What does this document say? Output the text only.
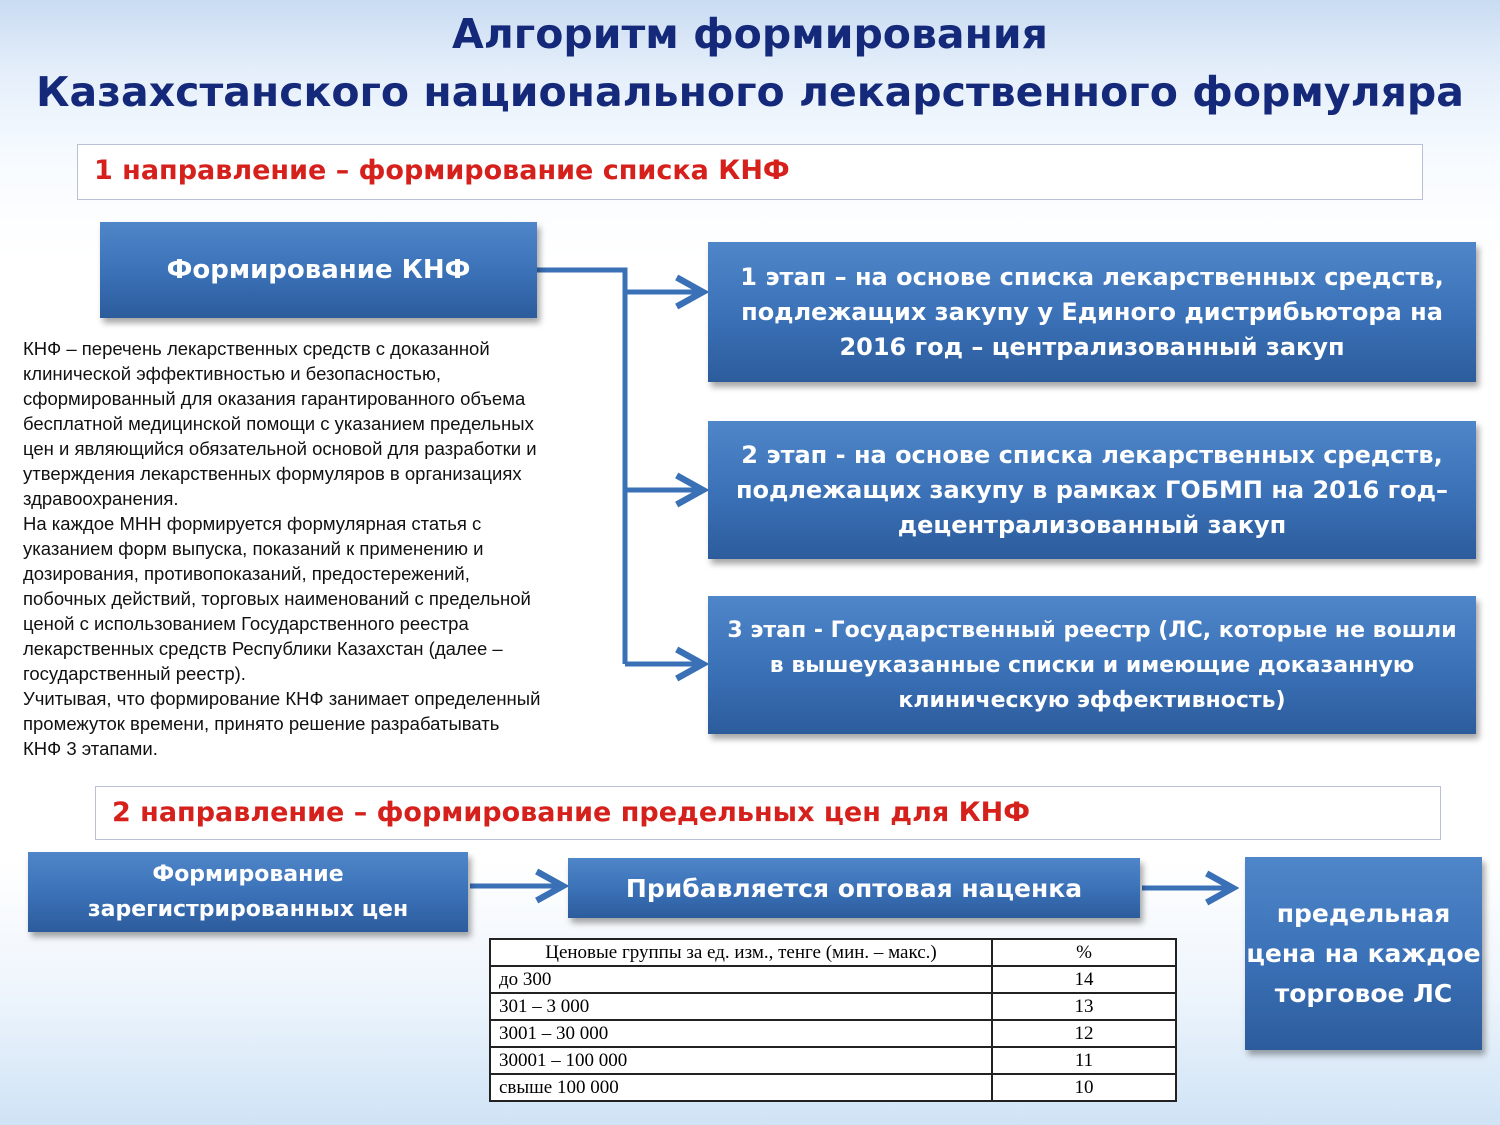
Алгоритм формирования
Казахстанского национального лекарственного формуляра
1 направление – формирование списка КНФ
Формирование КНФ
КНФ – перечень лекарственных средств с доказанной
клинической эффективностью и безопасностью,
сформированный для оказания гарантированного объема
бесплатной медицинской помощи с указанием предельных
цен и являющийся обязательной основой для разработки и
утверждения лекарственных формуляров в организациях
здравоохранения.
На каждое МНН формируется формулярная статья с
указанием форм выпуска, показаний к применению и
дозирования, противопоказаний, предостережений,
побочных действий, торговых наименований с предельной
ценой с использованием Государственного реестра
лекарственных средств Республики Казахстан (далее –
государственный реестр).
Учитывая, что формирование КНФ занимает определенный
промежуток времени, принято решение разрабатывать
КНФ 3 этапами.
1 этап – на основе списка лекарственных средств, подлежащих закупу у Единого дистрибьютора на 2016 год – централизованный закуп
2 этап - на основе списка лекарственных средств, подлежащих закупу в рамках ГОБМП на 2016 год– децентрализованный закуп
3 этап - Государственный реестр (ЛС, которые не вошли в вышеуказанные списки и имеющие доказанную клиническую эффективность)
2 направление – формирование предельных цен для КНФ
Формирование зарегистрированных цен
Прибавляется оптовая наценка
предельная цена на каждое торговое ЛС
Ценовые группы за ед. изм., тенге (мин. – макс.)	%
до 300	14
301 – 3 000	13
3001 – 30 000	12
30001 – 100 000	11
свыше 100 000	10
